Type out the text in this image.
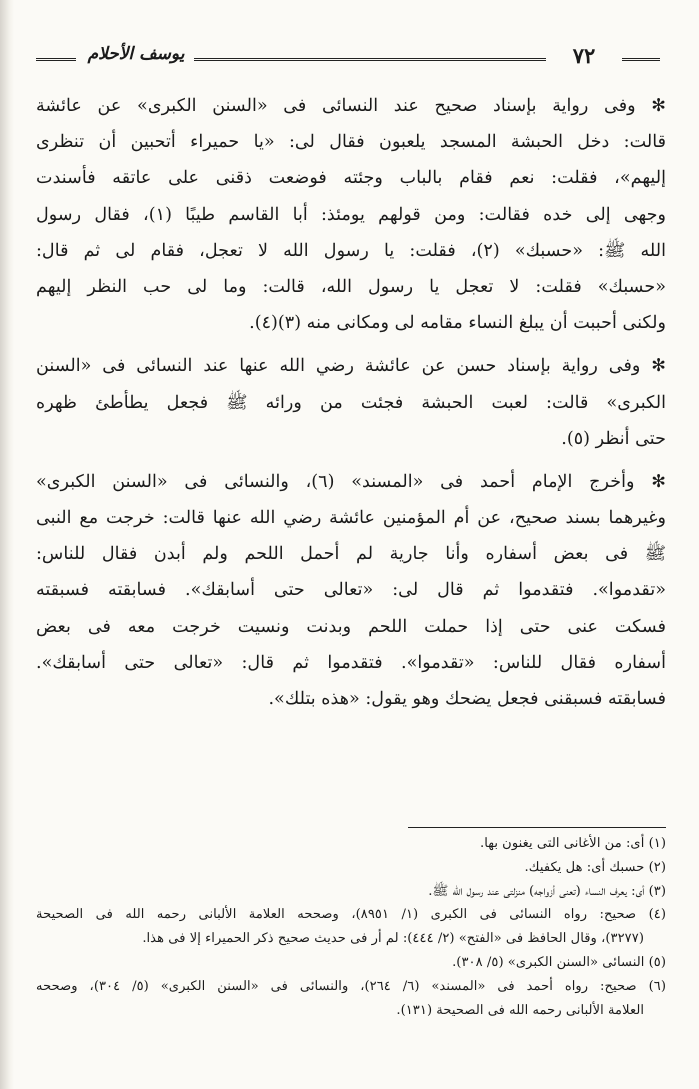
يوسف الأحلام	٧٢
✻ وفى رواية بإسناد صحيح عند النسائى فى «السنن الكبرى» عن عائشة
قالت: دخل الحبشة المسجد يلعبون فقال لى: «يا حميراء أتحبين أن تنظرى
إليهم»، فقلت: نعم فقام بالباب وجئته فوضعت ذقنى على عاتقه فأسندت
وجهى إلى خده فقالت: ومن قولهم يومئذ: أبا القاسم طيبًا (١)، فقال رسول
الله ﷺ: «حسبك» (٢)، فقلت: يا رسول الله لا تعجل، فقام لى ثم قال:
«حسبك» فقلت: لا تعجل يا رسول الله، قالت: وما لى حب النظر إليهم
ولكنى أحببت أن يبلغ النساء مقامه لى ومكانى منه (٣)(٤).
✻ وفى رواية بإسناد حسن عن عائشة رضي الله عنها عند النسائى فى «السنن
الكبرى» قالت: لعبت الحبشة فجئت من ورائه ﷺ فجعل يطأطئ ظهره
حتى أنظر (٥).
✻ وأخرج الإمام أحمد فى «المسند» (٦)، والنسائى فى «السنن الكبرى»
وغيرهما بسند صحيح، عن أم المؤمنين عائشة رضي الله عنها قالت: خرجت مع النبى
ﷺ فى بعض أسفاره وأنا جارية لم أحمل اللحم ولم أبدن فقال للناس:
«تقدموا». فتقدموا ثم قال لى: «تعالى حتى أسابقك». فسابقته فسبقته
فسكت عنى حتى إذا حملت اللحم وبدنت ونسيت خرجت معه فى بعض
أسفاره فقال للناس: «تقدموا». فتقدموا ثم قال: «تعالى حتى أسابقك».
فسابقته فسبقنى فجعل يضحك وهو يقول: «هذه بتلك».
(١) أى: من الأغانى التى يغنون بها.
(٢) حسبك أى: هل يكفيك.
(٣) أى: يعرف النساء (تعنى أزواجه) منزلتى عند رسول الله ﷺ.
(٤) صحيح: رواه النسائى فى الكبرى (١/ ٨٩٥١)، وصححه العلامة الألبانى رحمه الله فى الصحيحة
(٣٢٧٧)، وقال الحافظ فى «الفتح» (٢/ ٤٤٤): لم أر فى حديث صحيح ذكر الحميراء إلا فى هذا.
(٥) النسائى «السنن الكبرى» (٥/ ٣٠٨).
(٦) صحيح: رواه أحمد فى «المسند» (٦/ ٢٦٤)، والنسائى فى «السنن الكبرى» (٥/ ٣٠٤)، وصححه
العلامة الألبانى رحمه الله فى الصحيحة (١٣١).
